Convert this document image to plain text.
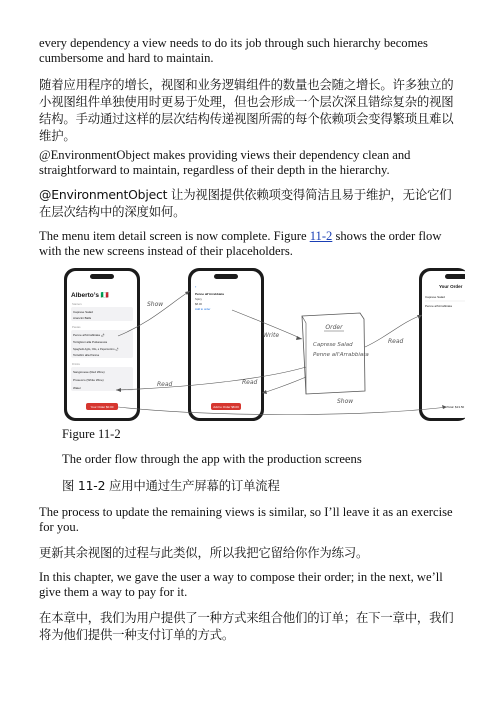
every dependency a view needs to do its job through such hierarchy becomes cumbersome and hard to maintain.
随着应用程序的增长，视图和业务逻辑组件的数量也会随之增长。许多独立的小视图组件单独使用时更易于处理，但也会形成一个层次深且错综复杂的视图结构。手动通过这样的层次结构传递视图所需的每个依赖项会变得繁琐且难以维护。
@EnvironmentObject makes providing views their dependency clean and straightforward to maintain, regardless of their depth in the hierarchy.
@EnvironmentObject 让为视图提供依赖项变得简洁且易于维护，无论它们在层次结构中的深度如何。
The menu item detail screen is now complete. Figure 11-2 shows the order flow with the new screens instead of their placeholders.
Alberto’s 🇮🇹
Starters
Caprese Salad
Arancini Balls
Pastas
Penne all'Arrabbiata 🌶
Tortiglioni alla Puttanesca
Spaghetti Aglio, Olio, e Peperoncino 🌶
Tortellini alla Panna
Drinks
Sangiovese (Red Wine)
Prosecco (White Wine)
Water
Your Order $0.00
‹
Penne all'Arrabbiata
Spicy
$8.00
Add to order
Add to Order $8.00
Order
Caprese Salad
Penne all'Arrabbiata
Your Order
Caprese Salad
Penne all'Arrabbiata
Total: $13.50
Show
Write
Read	Read
Read
Show
Figure 11-2
The order flow through the app with the production screens
图 11-2 应用中通过生产屏幕的订单流程
The process to update the remaining views is similar, so I’ll leave it as an exercise for you.
更新其余视图的过程与此类似，所以我把它留给你作为练习。
In this chapter, we gave the user a way to compose their order; in the next, we’ll give them a way to pay for it.
在本章中，我们为用户提供了一种方式来组合他们的订单；在下一章中，我们将为他们提供一种支付订单的方式。
